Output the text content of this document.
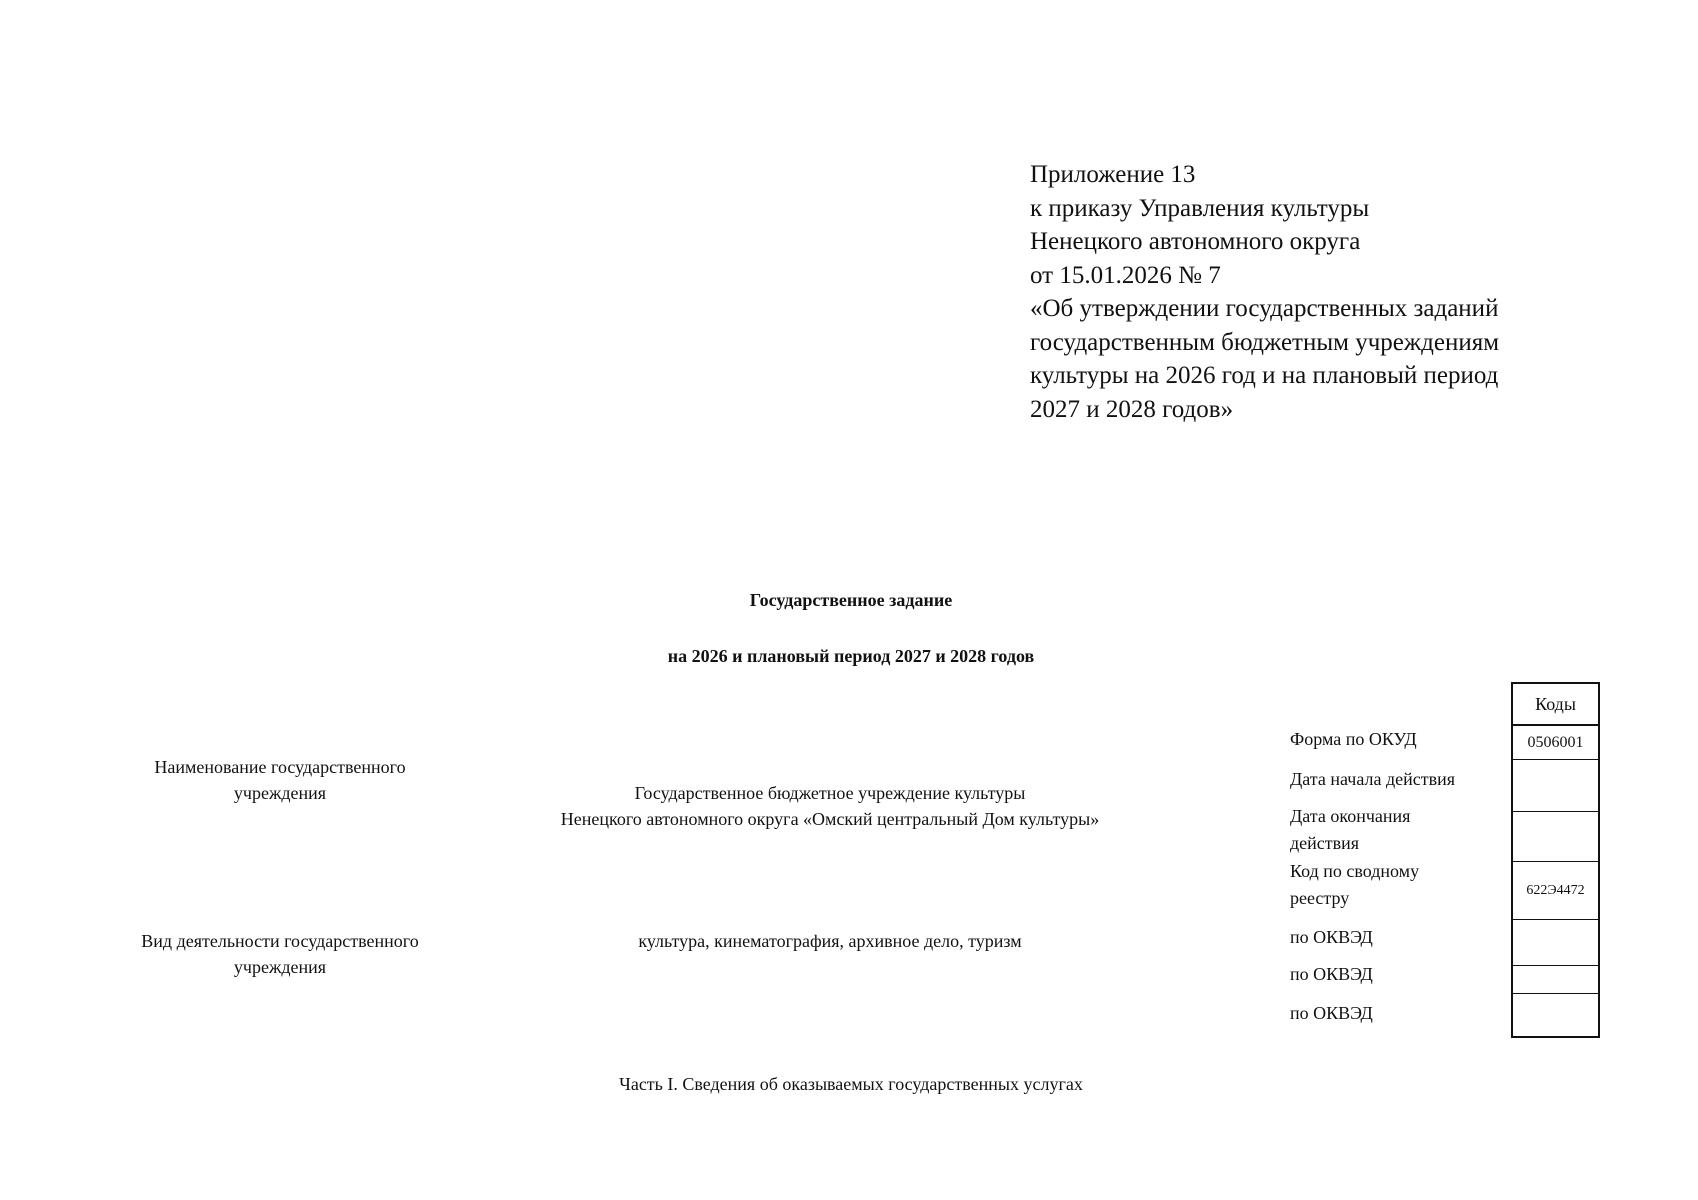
Приложение 13
к приказу Управления культуры
Ненецкого автономного округа
от 15.01.2026 № 7
«Об утверждении государственных заданий
государственным бюджетным учреждениям
культуры на 2026 год и на плановый период
2027 и 2028 годов»
Государственное задание
на 2026 и плановый период 2027 и 2028 годов
Наименование государственного
учреждения	Государственное бюджетное учреждение культуры
Ненецкого автономного округа «Омский центральный Дом культуры»
Вид деятельности государственного
учреждения
культура, кинематография, архивное дело, туризм
Форма по ОКУД
Дата начала действия
Дата окончания
действия
Код по сводному
реестру
по ОКВЭД
по ОКВЭД
по ОКВЭД
Коды
0506001
622Э4472
Часть I. Сведения об оказываемых государственных услугах
